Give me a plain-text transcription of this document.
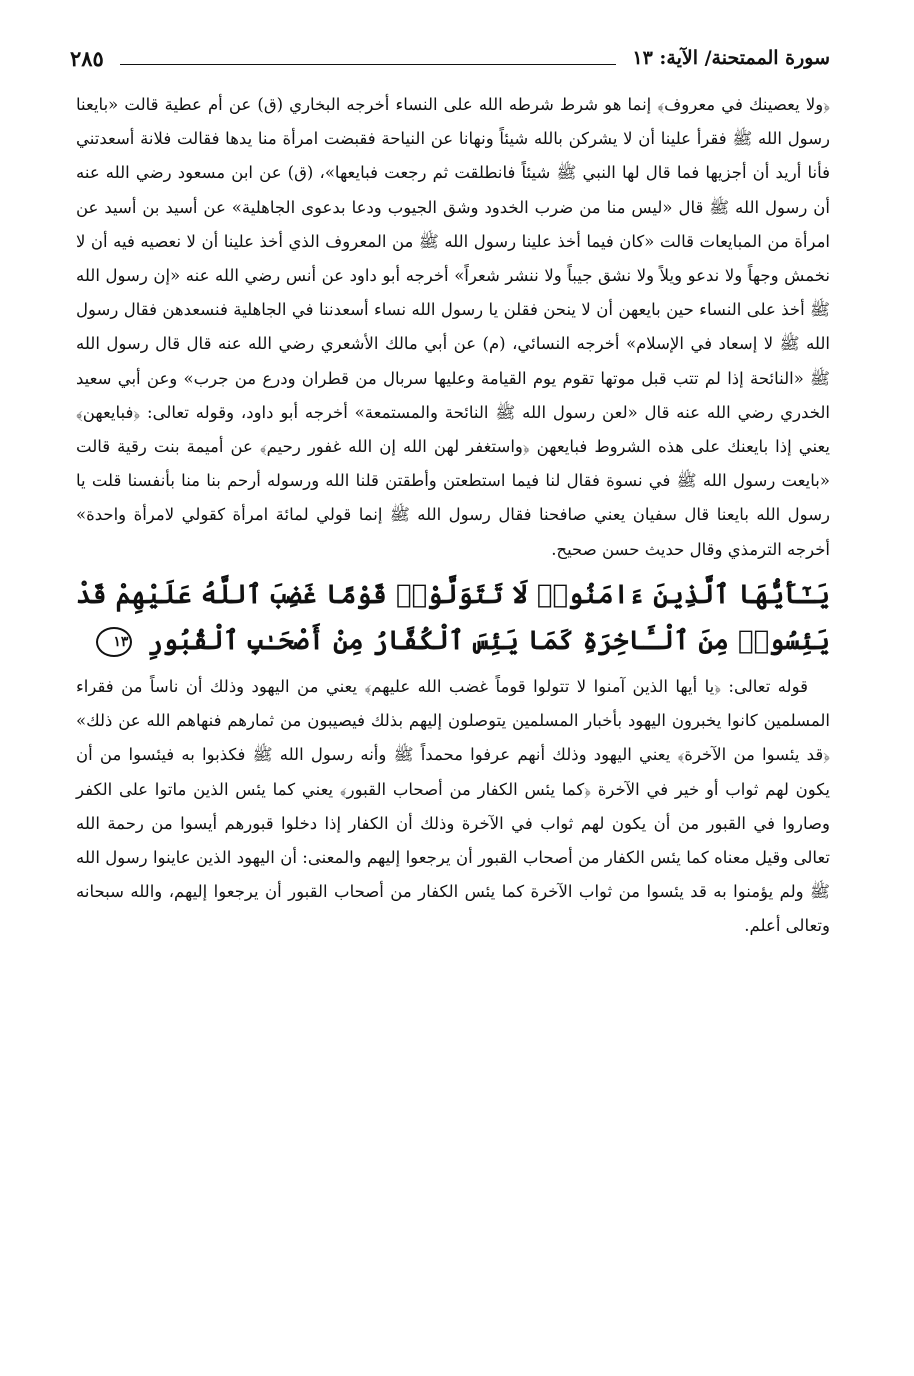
سورة الممتحنة/ الآية: ١٣
٢٨٥

﴿ولا يعصينك في معروف﴾ إنما هو شرط شرطه الله على النساء أخرجه البخاري (ق) عن أم عطية قالت «بايعنا رسول الله ﷺ فقرأ علينا أن لا يشركن بالله شيئاً ونهانا عن النياحة فقبضت امرأة منا يدها فقالت فلانة أسعدتني فأنا أريد أن أجزيها فما قال لها النبي ﷺ شيئاً فانطلقت ثم رجعت فبايعها»، (ق) عن ابن مسعود رضي الله عنه أن رسول الله ﷺ قال «ليس منا من ضرب الخدود وشق الجيوب ودعا بدعوى الجاهلية» عن أسيد بن أسيد عن امرأة من المبايعات قالت «كان فيما أخذ علينا رسول الله ﷺ من المعروف الذي أخذ علينا أن لا نعصيه فيه أن لا نخمش وجهاً ولا ندعو ويلاً ولا نشق جيباً ولا ننشر شعراً» أخرجه أبو داود عن أنس رضي الله عنه «إن رسول الله ﷺ أخذ على النساء حين بايعهن أن لا ينحن فقلن يا رسول الله نساء أسعدننا في الجاهلية فنسعدهن فقال رسول الله ﷺ لا إسعاد في الإسلام» أخرجه النسائي، (م) عن أبي مالك الأشعري رضي الله عنه قال قال رسول الله ﷺ «النائحة إذا لم تتب قبل موتها تقوم يوم القيامة وعليها سربال من قطران ودرع من جرب» وعن أبي سعيد الخدري رضي الله عنه قال «لعن رسول الله ﷺ النائحة والمستمعة» أخرجه أبو داود، وقوله تعالى: ﴿فبايعهن﴾ يعني إذا بايعنك على هذه الشروط فبايعهن ﴿واستغفر لهن الله إن الله غفور رحيم﴾ عن أميمة بنت رقية قالت «بايعت رسول الله ﷺ في نسوة فقال لنا فيما استطعتن وأطقتن قلنا الله ورسوله أرحم بنا منا بأنفسنا قلت يا رسول الله بايعنا قال سفيان يعني صافحنا فقال رسول الله ﷺ إنما قولي لمائة امرأة كقولي لامرأة واحدة» أخرجه الترمذي وقال حديث حسن صحيح.

يَـٰٓأَيُّهَا ٱلَّذِينَ ءَامَنُوا۟ لَا تَتَوَلَّوْا۟ قَوْمًا غَضِبَ ٱللَّهُ عَلَيْهِمْ قَدْ يَئِسُوا۟ مِنَ ٱلْـَٔاخِرَةِ كَمَا يَئِسَ ٱلْكُفَّارُ مِنْ أَصْحَـٰبِ ٱلْقُبُورِ ١٣

قوله تعالى: ﴿يا أيها الذين آمنوا لا تتولوا قوماً غضب الله عليهم﴾ يعني من اليهود وذلك أن ناساً من فقراء المسلمين كانوا يخبرون اليهود بأخبار المسلمين يتوصلون إليهم بذلك فيصيبون من ثمارهم فنهاهم الله عن ذلك» ﴿قد يئسوا من الآخرة﴾ يعني اليهود وذلك أنهم عرفوا محمداً ﷺ وأنه رسول الله ﷺ فكذبوا به فيئسوا من أن يكون لهم ثواب أو خير في الآخرة ﴿كما يئس الكفار من أصحاب القبور﴾ يعني كما يئس الذين ماتوا على الكفر وصاروا في القبور من أن يكون لهم ثواب في الآخرة وذلك أن الكفار إذا دخلوا قبورهم أيسوا من رحمة الله تعالى وقيل معناه كما يئس الكفار من أصحاب القبور أن يرجعوا إليهم والمعنى: أن اليهود الذين عاينوا رسول الله ﷺ ولم يؤمنوا به قد يئسوا من ثواب الآخرة كما يئس الكفار من أصحاب القبور أن يرجعوا إليهم، والله سبحانه وتعالى أعلم.
